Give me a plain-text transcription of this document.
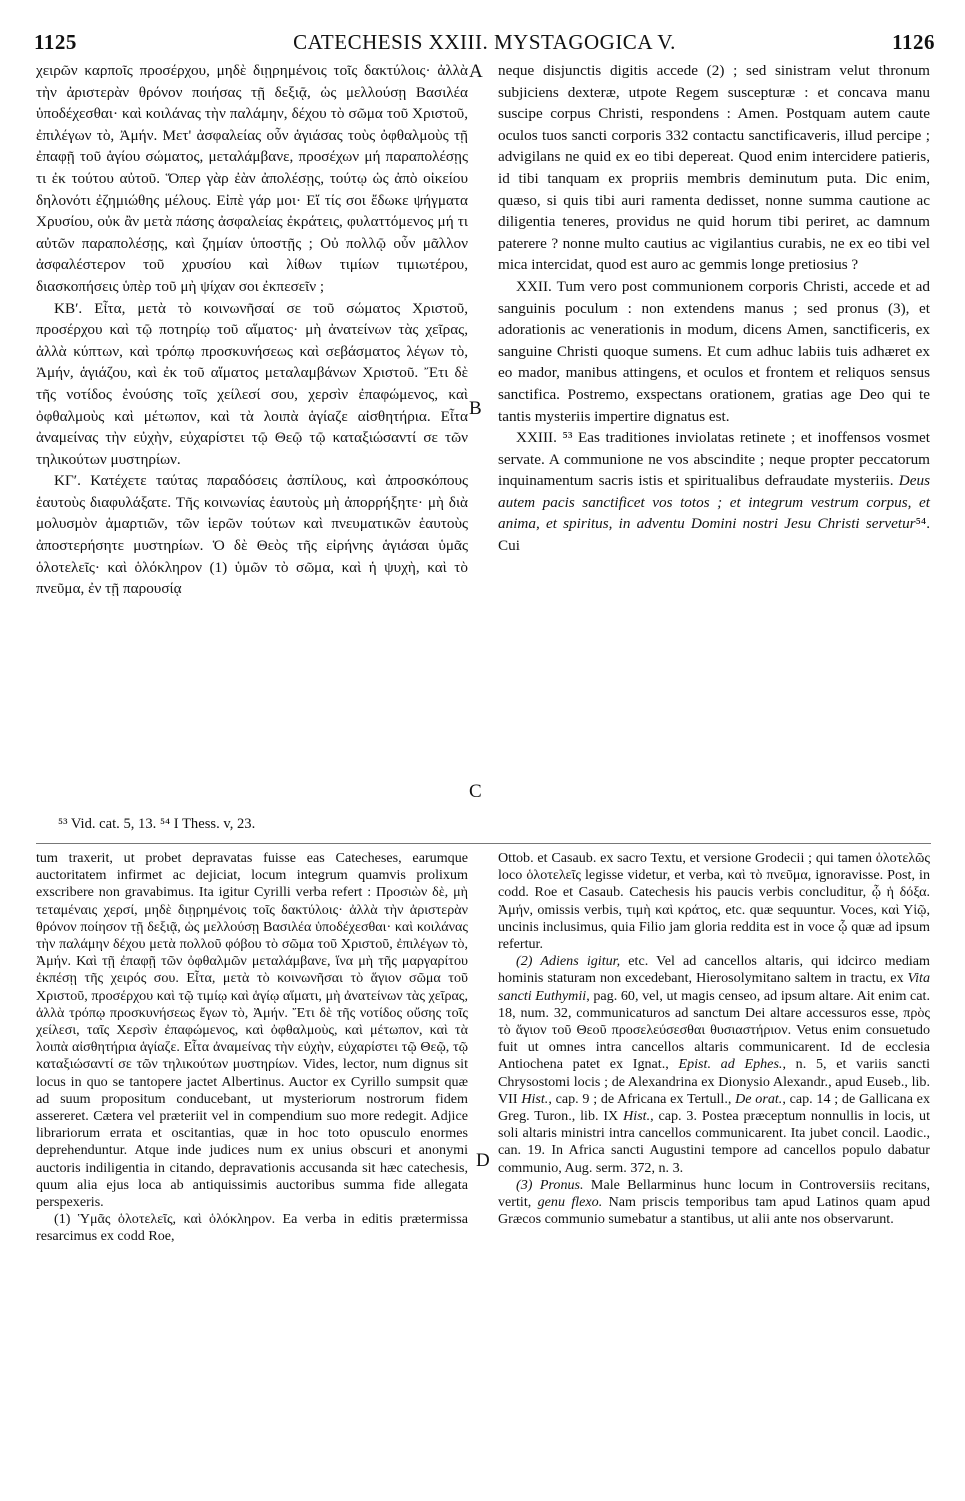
1125	CATECHESIS XXIII. MYSTAGOGICA V.	1126

χειρῶν καρποῖς προσέρχου, μηδὲ διῃρημένοις τοῖς δακτύλοις· ἀλλὰ τὴν ἀριστερὰν θρόνον ποιήσας τῇ δεξιᾷ, ὡς μελλούσῃ Βασιλέα ὑποδέχεσθαι· καὶ κοιλάνας τὴν παλάμην, δέχου τὸ σῶμα τοῦ Χριστοῦ, ἐπιλέγων τὸ, Ἀμήν. Μετ' ἀσφαλείας οὖν ἁγιάσας τοὺς ὀφθαλμοὺς τῇ ἐπαφῇ τοῦ ἁγίου σώματος, μεταλάμβανε, προσέχων μή παραπολέσῃς τι ἐκ τούτου αὐτοῦ. Ὅπερ γὰρ ἐὰν ἀπολέσῃς, τούτῳ ὡς ἀπὸ οἰκείου δηλονότι ἐζημιώθης μέλους. Εἰπὲ γάρ μοι· Εἴ τίς σοι ἔδωκε ψήγματα Χρυσίου, οὐκ ἂν μετὰ πάσης ἀσφαλείας ἐκράτεις, φυλαττόμενος μή τι αὐτῶν παραπολέσῃς, καὶ ζημίαν ὑποστῇς ; Οὐ πολλῷ οὖν μᾶλλον ἀσφαλέστερον τοῦ χρυσίου καὶ λίθων τιμίων τιμιωτέρου, διασκοπήσεις ὑπὲρ τοῦ μὴ ψίχαν σοι ἐκπεσεῖν ;

ΚΒʹ. Εἶτα, μετὰ τὸ κοινωνῆσαί σε τοῦ σώματος Χριστοῦ, προσέρχου καὶ τῷ ποτηρίῳ τοῦ αἵματος· μὴ ἀνατείνων τὰς χεῖρας, ἀλλὰ κύπτων, καὶ τρόπῳ προσκυνήσεως καὶ σεβάσματος λέγων τὸ, Ἀμήν, ἁγιάζου, καὶ ἐκ τοῦ αἵματος μεταλαμβάνων Χριστοῦ. Ἔτι δὲ τῆς νοτίδος ἐνούσης τοῖς χείλεσί σου, χερσὶν ἐπαφώμενος, καὶ ὀφθαλμοὺς καὶ μέτωπον, καὶ τὰ λοιπὰ ἁγίαζε αἰσθητήρια. Εἶτα ἀναμείνας τὴν εὐχὴν, εὐχαρίστει τῷ Θεῷ τῷ καταξιώσαντί σε τῶν τηλικούτων μυστηρίων.

ΚΓʹ. Κατέχετε ταύτας παραδόσεις ἀσπίλους, καὶ ἀπροσκόπους ἑαυτοὺς διαφυλάξατε. Τῆς κοινωνίας ἑαυτοὺς μὴ ἀπορρήξητε· μὴ διὰ μολυσμὸν ἁμαρτιῶν, τῶν ἱερῶν τούτων καὶ πνευματικῶν ἑαυτοὺς ἀποστερήσητε μυστηρίων. Ὁ δὲ Θεὸς τῆς εἰρήνης ἁγιάσαι ὑμᾶς ὁλοτελεῖς· καὶ ὁλόκληρον (1) ὑμῶν τὸ σῶμα, καὶ ἡ ψυχὴ, καὶ τὸ πνεῦμα, ἐν τῇ παρουσίᾳ

A
B
C
D

neque disjunctis digitis accede (2) ; sed sinistram velut thronum subjiciens dexteræ, utpote Regem suscepturæ : et concava manu suscipe corpus Christi, respondens : Amen. Postquam autem caute oculos tuos sancti corporis 332 contactu sanctificaveris, illud percipe ; advigilans ne quid ex eo tibi depereat. Quod enim intercidere patieris, id tibi tanquam ex propriis membris deminutum puta. Dic enim, quæso, si quis tibi auri ramenta dedisset, nonne summa cautione ac diligentia teneres, providus ne quid horum tibi periret, ac damnum paterere ? nonne multo cautius ac vigilantius curabis, ne ex eo tibi vel mica intercidat, quod est auro ac gemmis longe pretiosius ?

XXII. Tum vero post communionem corporis Christi, accede et ad sanguinis poculum : non extendens manus ; sed pronus (3), et adorationis ac venerationis in modum, dicens Amen, sanctificeris, ex sanguine Christi quoque sumens. Et cum adhuc labiis tuis adhæret ex eo mador, manibus attingens, et oculos et frontem et reliquos sensus sanctifica. Postremo, exspectans orationem, gratias age Deo qui te tantis mysteriis impertire dignatus est.

XXIII. ⁵³ Eas traditiones inviolatas retinete ; et inoffensos vosmet servate. A communione ne vos abscindite ; neque propter peccatorum inquinamentum sacris istis et spiritualibus defraudate mysteriis. Deus autem pacis sanctificet vos totos ; et integrum vestrum corpus, et anima, et spiritus, in adventu Domini nostri Jesu Christi servetur⁵⁴. Cui

⁵³ Vid. cat. 5, 13. ⁵⁴ I Thess. v, 23.

tum traxerit, ut probet depravatas fuisse eas Catecheses, earumque auctoritatem infirmet ac dejiciat, locum integrum quamvis prolixum exscribere non gravabimus. Ita igitur Cyrilli verba refert : Προσιὼν δὲ, μὴ τεταμέναις χερσί, μηδὲ διῃρημένοις τοῖς δακτύλοις· ἀλλὰ τὴν ἀριστερὰν θρόνον ποίησον τῇ δεξιᾷ, ὡς μελλούσῃ Βασιλέα ὑποδέχεσθαι· καὶ κοιλάνας τὴν παλάμην δέχου μετὰ πολλοῦ φόβου τὸ σῶμα τοῦ Χριστοῦ, ἐπιλέγων τὸ, Ἀμήν. Καὶ τῇ ἐπαφῇ τῶν ὀφθαλμῶν μεταλάμβανε, ἵνα μὴ τῆς μαργαρίτου ἐκπέσῃ τῆς χειρός σου. Εἶτα, μετὰ τὸ κοινωνῆσαι τὸ ἅγιον σῶμα τοῦ Χριστοῦ, προσέρχου καὶ τῷ τιμίῳ καὶ ἁγίῳ αἵματι, μὴ ἀνατείνων τὰς χεῖρας, ἀλλὰ τρόπῳ προσκυνήσεως ἔγων τὸ, Ἀμήν. Ἔτι δὲ τῆς νοτίδος οὔσης τοῖς χείλεσι, ταῖς Χερσὶν ἐπαφώμενος, καὶ ὀφθαλμοὺς, καὶ μέτωπον, καὶ τὰ λοιπὰ αἰσθητήρια ἁγίαζε. Εἶτα ἀναμείνας τὴν εὐχὴν, εὐχαρίστει τῷ Θεῷ, τῷ καταξιώσαντί σε τῶν τηλικούτων μυστηρίων. Vides, lector, num dignus sit locus in quo se tantopere jactet Albertinus. Auctor ex Cyrillo sumpsit quæ ad suum propositum conducebant, ut mysteriorum nostrorum fidem assereret. Cætera vel præteriit vel in compendium suo more redegit. Adjice librariorum errata et oscitantias, quæ in hoc toto opusculo enormes deprehenduntur. Atque inde judices num ex unius obscuri et anonymi auctoris indiligentia in citando, depravationis accusanda sit hæc catechesis, quum alia ejus loca ab antiquissimis auctoribus summa fide allegata perspexeris.

(1) Ὑμᾶς ὁλοτελεῖς, καὶ ὁλόκληρον. Ea verba in editis prætermissa resarcimus ex codd Roe,

Ottob. et Casaub. ex sacro Textu, et versione Grodecii ; qui tamen ὁλοτελῶς loco ὁλοτελεῖς legisse videtur, et verba, καὶ τὸ πνεῦμα, ignoravisse. Post, in codd. Roe et Casaub. Catechesis his paucis verbis concluditur, ᾧ ἡ δόξα. Ἀμήν, omissis verbis, τιμὴ καὶ κράτος, etc. quæ sequuntur. Voces, καὶ Υἱῷ, uncinis inclusimus, quia Filio jam gloria reddita est in voce ᾧ quæ ad ipsum refertur.

(2) Adiens igitur, etc. Vel ad cancellos altaris, qui idcirco mediam hominis staturam non excedebant, Hierosolymitano saltem in tractu, ex Vita sancti Euthymii, pag. 60, vel, ut magis censeo, ad ipsum altare. Ait enim cat. 18, num. 32, communicaturos ad sanctum Dei altare accessuros esse, πρὸς τὸ ἅγιον τοῦ Θεοῦ προσελεύσεσθαι θυσιαστήριον. Vetus enim consuetudo fuit ut omnes intra cancellos altaris communicarent. Id de ecclesia Antiochena patet ex Ignat., Epist. ad Ephes., n. 5, et variis sancti Chrysostomi locis ; de Alexandrina ex Dionysio Alexandr., apud Euseb., lib. VII Hist., cap. 9 ; de Africana ex Tertull., De orat., cap. 14 ; de Gallicana ex Greg. Turon., lib. IX Hist., cap. 3. Postea præceptum nonnullis in locis, ut soli altaris ministri intra cancellos communicarent. Ita jubet concil. Laodic., can. 19. In Africa sancti Augustini tempore ad cancellos populo dabatur communio, Aug. serm. 372, n. 3.

(3) Pronus. Male Bellarminus hunc locum in Controversiis recitans, vertit, genu flexo. Nam priscis temporibus tam apud Latinos quam apud Græcos communio sumebatur a stantibus, ut alii ante nos observarunt.
